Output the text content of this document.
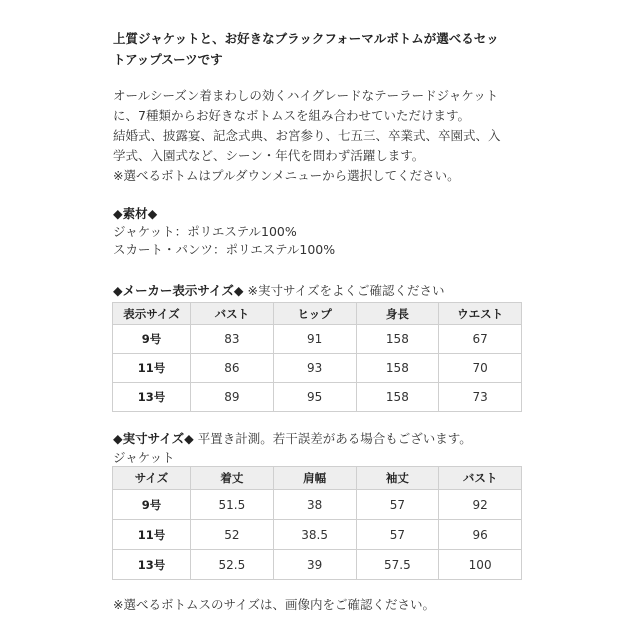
上質ジャケットと、お好きなブラックフォーマルボトムが選べるセッ
トアップスーツです
オールシーズン着まわしの効くハイグレードなテーラードジャケット
に、7種類からお好きなボトムスを組み合わせていただけます。
結婚式、披露宴、記念式典、お宮参り、七五三、卒業式、卒園式、入
学式、入園式など、シーン・年代を問わず活躍します。
※選べるボトムはプルダウンメニューから選択してください。
◆素材◆
ジャケット：ポリエステル100%
スカート・パンツ：ポリエステル100%
◆メーカー表示サイズ◆ ※実寸サイズをよくご確認ください
表示サイズ	バスト	ヒップ	身長	ウエスト
9号	83	91	158	67
11号	86	93	158	70
13号	89	95	158	73
◆実寸サイズ◆ 平置き計測。若干誤差がある場合もございます。
ジャケット
サイズ	着丈	肩幅	袖丈	バスト
9号	51.5	38	57	92
11号	52	38.5	57	96
13号	52.5	39	57.5	100
※選べるボトムスのサイズは、画像内をご確認ください。
